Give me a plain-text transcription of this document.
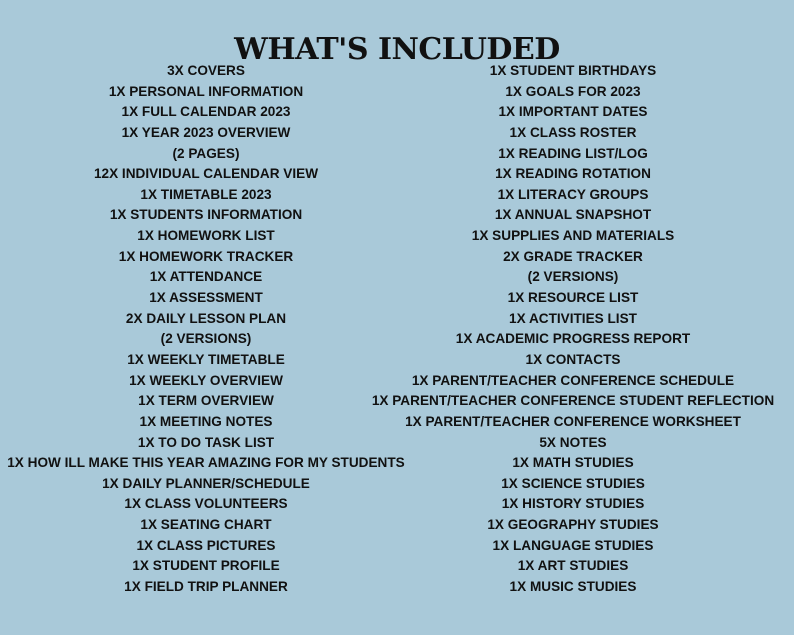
WHAT'S INCLUDED
3X COVERS
1X PERSONAL INFORMATION
1X FULL CALENDAR 2023
1X YEAR 2023 OVERVIEW
(2 PAGES)
12X INDIVIDUAL CALENDAR VIEW
1X TIMETABLE 2023
1X STUDENTS INFORMATION
1X HOMEWORK LIST
1X HOMEWORK TRACKER
1X ATTENDANCE
1X ASSESSMENT
2X DAILY LESSON PLAN
(2 VERSIONS)
1X WEEKLY TIMETABLE
1X WEEKLY OVERVIEW
1X TERM OVERVIEW
1X MEETING NOTES
1X TO DO TASK LIST
1X HOW ILL MAKE THIS YEAR AMAZING FOR MY STUDENTS
1X DAILY PLANNER/SCHEDULE
1X CLASS VOLUNTEERS
1X SEATING CHART
1X CLASS PICTURES
1X STUDENT PROFILE
1X FIELD TRIP PLANNER
1X STUDENT BIRTHDAYS
1X GOALS FOR 2023
1X IMPORTANT DATES
1X CLASS ROSTER
1X READING LIST/LOG
1X READING ROTATION
1X LITERACY GROUPS
1X ANNUAL SNAPSHOT
1X SUPPLIES AND MATERIALS
2X GRADE TRACKER
(2 VERSIONS)
1X RESOURCE LIST
1X ACTIVITIES LIST
1X ACADEMIC PROGRESS REPORT
1X CONTACTS
1X PARENT/TEACHER CONFERENCE SCHEDULE
1X PARENT/TEACHER CONFERENCE STUDENT REFLECTION
1X PARENT/TEACHER CONFERENCE WORKSHEET
5X NOTES
1X MATH STUDIES
1X SCIENCE STUDIES
1X HISTORY STUDIES
1X GEOGRAPHY STUDIES
1X LANGUAGE STUDIES
1X ART STUDIES
1X MUSIC STUDIES
